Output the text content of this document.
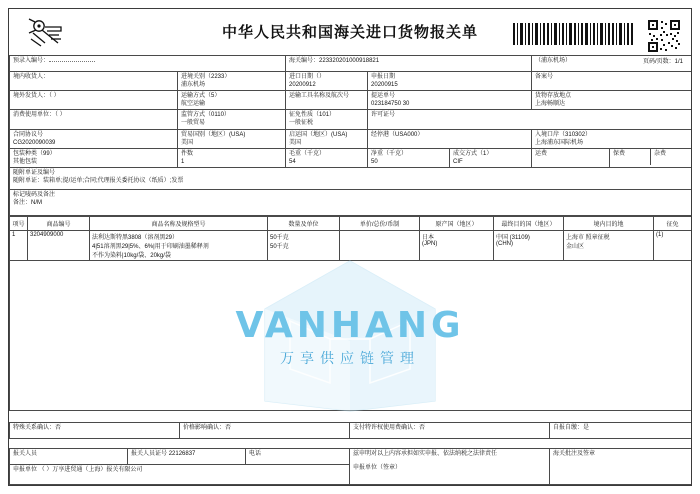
中华人民共和国海关进口货物报关单
页码/页数：1/1
预录入编号：	海关编号：223320201000918821	（浦东机场）

境内收货人：	进境关别（2233）
浦东机场

进口日期（）
20200912

申报日期
20200915

备案号

境外发货人：（ ）	运输方式（5）
航空运输

运输工具名称及航次号	提运单号
023184750 30

货物存放地点
上海畅顺达

消费使用单位：（ ）	监管方式（0110）
一般贸易

征免性质（101）
一般征税

许可证号

合同协议号
CG2020090039

贸易国别（地区）(USA)
美国

启运国（地区）(USA)
美国

经停港（USA000）	入境口岸（310302）
上海浦东国际机场

包装种类（99）
其他包装

件数
1

毛重（千克）
54

净重（千克）
50

成交方式（1）
CIF

运费
		保费	杂费

随附单证及编号
随附单证：装箱单;提/运单;合同;代理报关委托协议（纸质）;发票

标记唛码及备注
备注：N/M
项号	商品编号	商品名称及规格型号	数量及单位	单价/总价/币制	原产国（地区）	最终目的国（地区）	境内目的地	征免
1	3204909000	法利达斯特黑3808（溶剂黑29）
4|51溶剂黑29|5%、6%|用于印刷油墨稀释剂
不作为染料|10kg/袋、20kg/袋	50千克
50千克		日本
(JPN)	中国 (31109)
(CHN)	上海市 照章征税
金山区	(1)

VANHANG
万享供应链管理
特殊关系确认：否	价格影响确认：否	支付特许权使用费确认：否	自报自缴：是
报关人员	报关人员证号 22126837	电话	兹申明对以上内容承担如实申报、依法纳税之法律责任
申报单位（签章）

海关批注及签章

申报单位 （ ）万享进贸通（上海）报关有限公司
